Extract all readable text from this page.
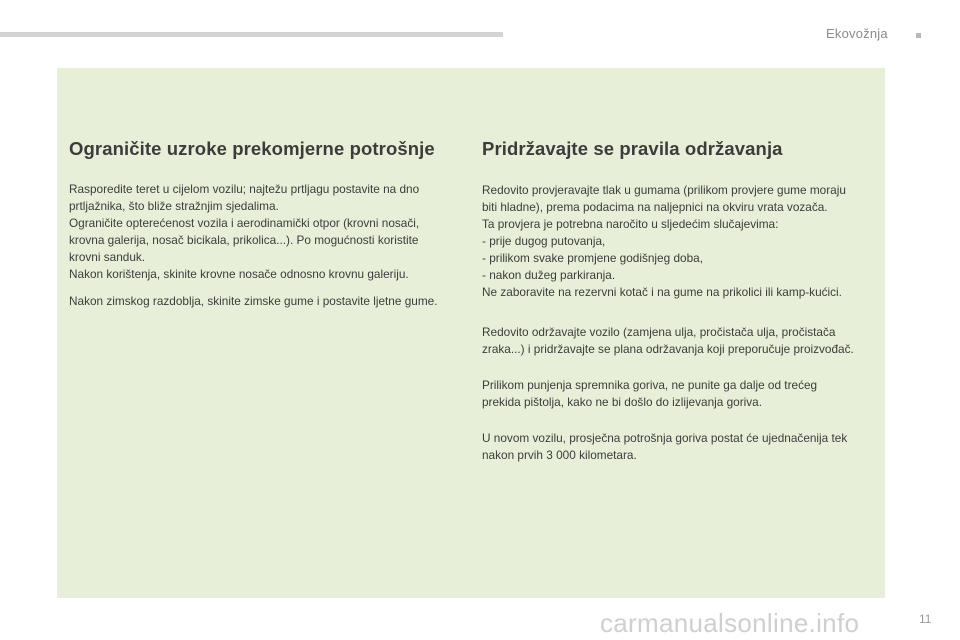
Ekovožnja
Ograničite uzroke prekomjerne potrošnje

Rasporedite teret u cijelom vozilu; najtežu prtljagu postavite na dno
prtljažnika, što bliže stražnjim sjedalima.
Ograničite opterećenost vozila i aerodinamički otpor (krovni nosači,
krovna galerija, nosač bicikala, prikolica...). Po mogućnosti koristite
krovni sanduk.
Nakon korištenja, skinite krovne nosače odnosno krovnu galeriju.

Nakon zimskog razdoblja, skinite zimske gume i postavite ljetne gume.

Pridržavajte se pravila održavanja

Redovito provjeravajte tlak u gumama (prilikom provjere gume moraju
biti hladne), prema podacima na naljepnici na okviru vrata vozača.
Ta provjera je potrebna naročito u sljedećim slučajevima:
- prije dugog putovanja,
- prilikom svake promjene godišnjeg doba,
- nakon dužeg parkiranja.
Ne zaboravite na rezervni kotač i na gume na prikolici ili kamp-kućici.

Redovito održavajte vozilo (zamjena ulja, pročistača ulja, pročistača
zraka...) i pridržavajte se plana održavanja koji preporučuje proizvođač.

Prilikom punjenja spremnika goriva, ne punite ga dalje od trećeg
prekida pištolja, kako ne bi došlo do izlijevanja goriva.

U novom vozilu, prosječna potrošnja goriva postat će ujednačenija tek
nakon prvih 3 000 kilometara.

carmanualsonline.info	11
